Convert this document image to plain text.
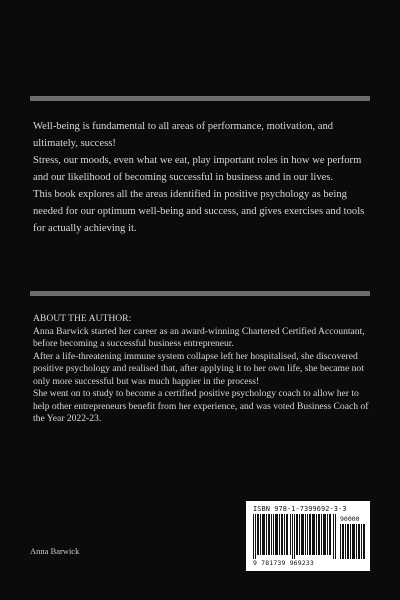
Well-being is fundamental to all areas of performance, motivation, and ultimately, success!

Stress, our moods, even what we eat, play important roles in how we perform and our likelihood of becoming successful in business and in our lives.

This book explores all the areas identified in positive psychology as being needed for our optimum well-being and success, and gives exercises and tools for actually achieving it.

ABOUT THE AUTHOR:

Anna Barwick started her career as an award-winning Chartered Certified Accountant, before becoming a successful business entrepreneur.

After a life-threatening immune system collapse left her hospitalised, she discovered positive psychology and realised that, after applying it to her own life, she became not only more successful but was much happier in the process!

She went on to study to become a certified positive psychology coach to allow her to help other entrepreneurs benefit from her experience, and was voted Business Coach of the Year 2022-23.

ISBN 978-1-7399692-3-3
90000
9 781739 969233
Anna Barwick
